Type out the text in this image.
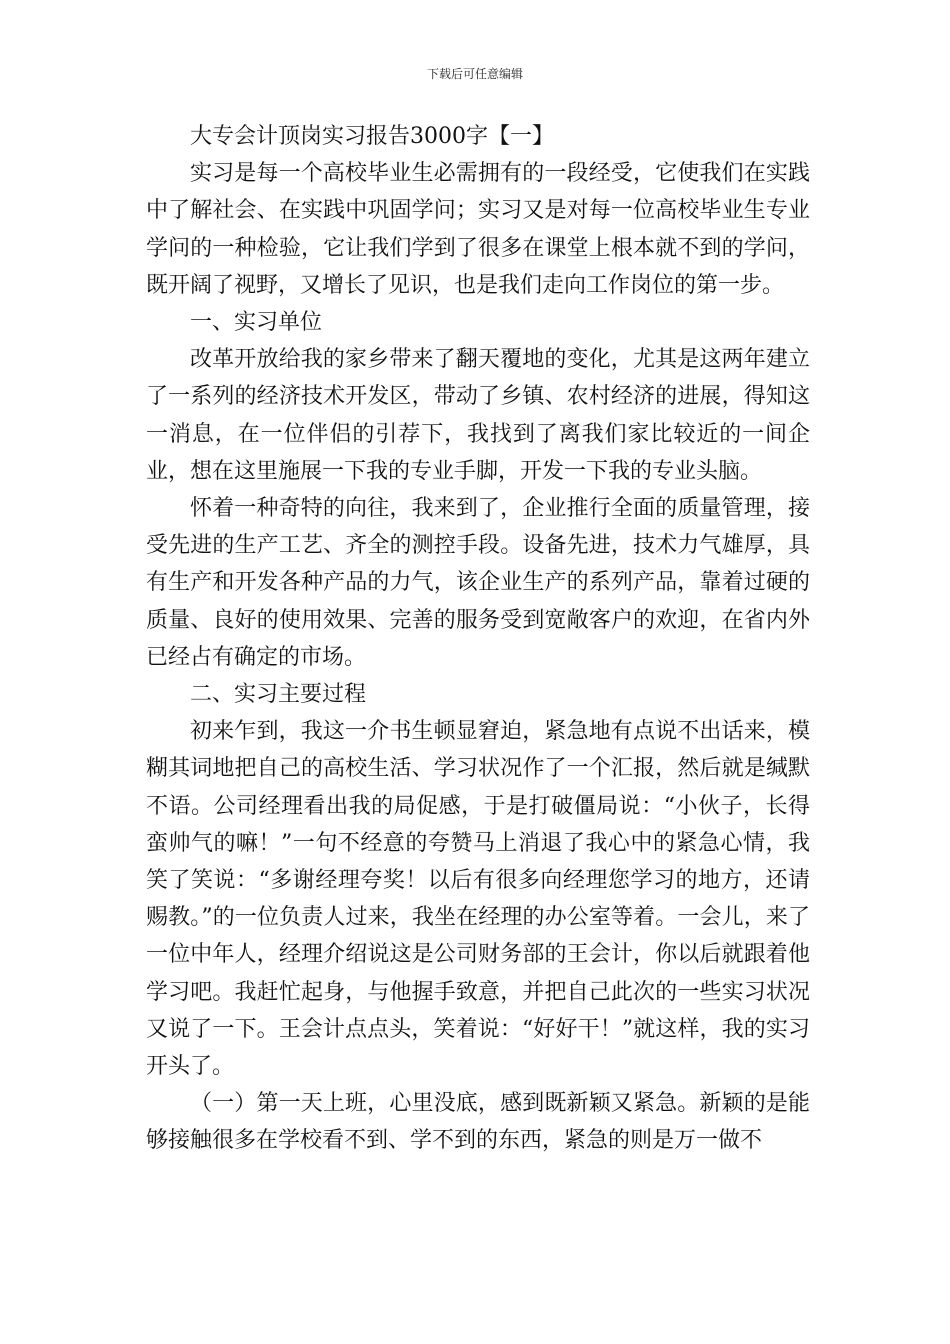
下载后可任意编辑

大专会计顶岗实习报告3000字【一】

实习是每一个高校毕业生必需拥有的一段经受，它使我们在实践中了解社会、在实践中巩固学问；实习又是对每一位高校毕业生专业学问的一种检验，它让我们学到了很多在课堂上根本就不到的学问，既开阔了视野，又增长了见识，也是我们走向工作岗位的第一步。

一、实习单位

改革开放给我的家乡带来了翻天覆地的变化，尤其是这两年建立了一系列的经济技术开发区，带动了乡镇、农村经济的进展，得知这一消息，在一位伴侣的引荐下，我找到了离我们家比较近的一间企业，想在这里施展一下我的专业手脚，开发一下我的专业头脑。

怀着一种奇特的向往，我来到了，企业推行全面的质量管理，接受先进的生产工艺、齐全的测控手段。设备先进，技术力气雄厚，具有生产和开发各种产品的力气，该企业生产的系列产品，靠着过硬的质量、良好的使用效果、完善的服务受到宽敞客户的欢迎，在省内外已经占有确定的市场。

二、实习主要过程

初来乍到，我这一介书生顿显窘迫，紧急地有点说不出话来，模糊其词地把自己的高校生活、学习状况作了一个汇报，然后就是缄默不语。公司经理看出我的局促感，于是打破僵局说：“小伙子，长得蛮帅气的嘛！”一句不经意的夸赞马上消退了我心中的紧急心情，我笑了笑说：“多谢经理夸奖！以后有很多向经理您学习的地方，还请赐教。”的一位负责人过来，我坐在经理的办公室等着。一会儿，来了一位中年人，经理介绍说这是公司财务部的王会计，你以后就跟着他学习吧。我赶忙起身，与他握手致意，并把自己此次的一些实习状况又说了一下。王会计点点头，笑着说：“好好干！”就这样，我的实习开头了。

（一）第一天上班，心里没底，感到既新颖又紧急。新颖的是能够接触很多在学校看不到、学不到的东西，紧急的则是万一做不
